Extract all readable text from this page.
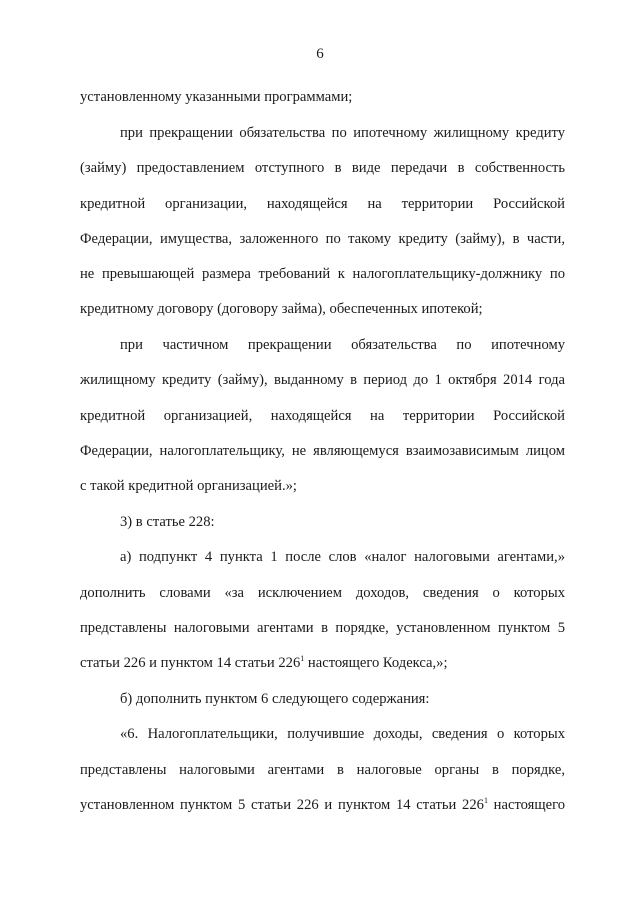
6
установленному указанными программами;
при прекращении обязательства по ипотечному жилищному кредиту
(займу) предоставлением отступного в виде передачи в собственность
кредитной организации, находящейся на территории Российской
Федерации, имущества, заложенного по такому кредиту (займу), в части,
не превышающей размера требований к налогоплательщику-должнику по
кредитному договору (договору займа), обеспеченных ипотекой;
при частичном прекращении обязательства по ипотечному
жилищному кредиту (займу), выданному в период до 1 октября 2014 года
кредитной организацией, находящейся на территории Российской
Федерации, налогоплательщику, не являющемуся взаимозависимым лицом
с такой кредитной организацией.»;
3) в статье 228:
а) подпункт 4 пункта 1 после слов «налог налоговыми агентами,»
дополнить словами «за исключением доходов, сведения о которых
представлены налоговыми агентами в порядке, установленном пунктом 5
статьи 226 и пунктом 14 статьи $226^1$ настоящего Кодекса,»;
б) дополнить пунктом 6 следующего содержания:
«6. Налогоплательщики, получившие доходы, сведения о которых
представлены налоговыми агентами в налоговые органы в порядке,
установленном пунктом 5 статьи 226 и пунктом 14 статьи $226^1$ настоящего
